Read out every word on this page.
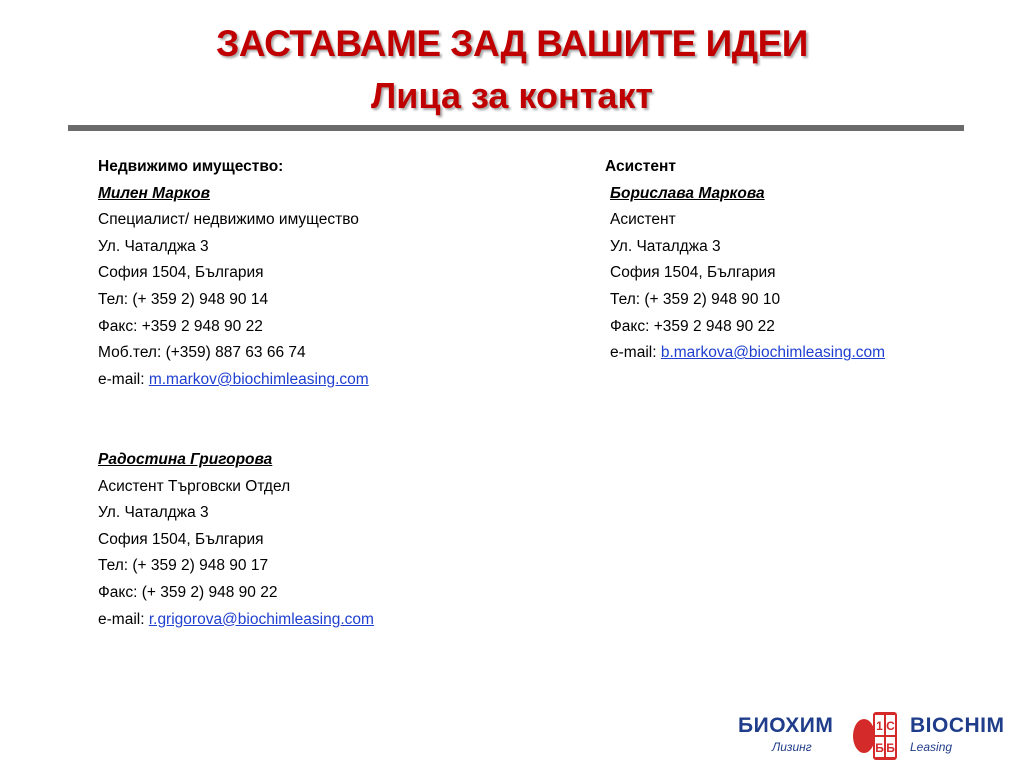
ЗАСТАВАМЕ ЗАД ВАШИТЕ ИДЕИ
Лица за контакт
Недвижимо имущество:
Милен Марков
Специалист/ недвижимо имущество
Ул. Чаталджа 3
София 1504, България
Тел: (+ 359 2) 948 90 14
Факс: +359 2 948 90 22
Моб.тел: (+359) 887 63 66 74
e-mail: m.markov@biochimleasing.com
Радостина Григорова
Асистент Търговски Отдел
Ул. Чаталджа 3
София 1504, България
Тел: (+ 359 2) 948 90 17
Факс: (+ 359 2) 948 90 22
e-mail: r.grigorova@biochimleasing.com
Асистент
Борислава Маркова
Асистент
Ул. Чаталджа 3
София 1504, България
Тел: (+ 359 2) 948 90 10
Факс: +359 2 948 90 22
e-mail: b.markova@biochimleasing.com
БИОХИМ
Лизинг
1 С
Б Б
BIOCHIM
Leasing
